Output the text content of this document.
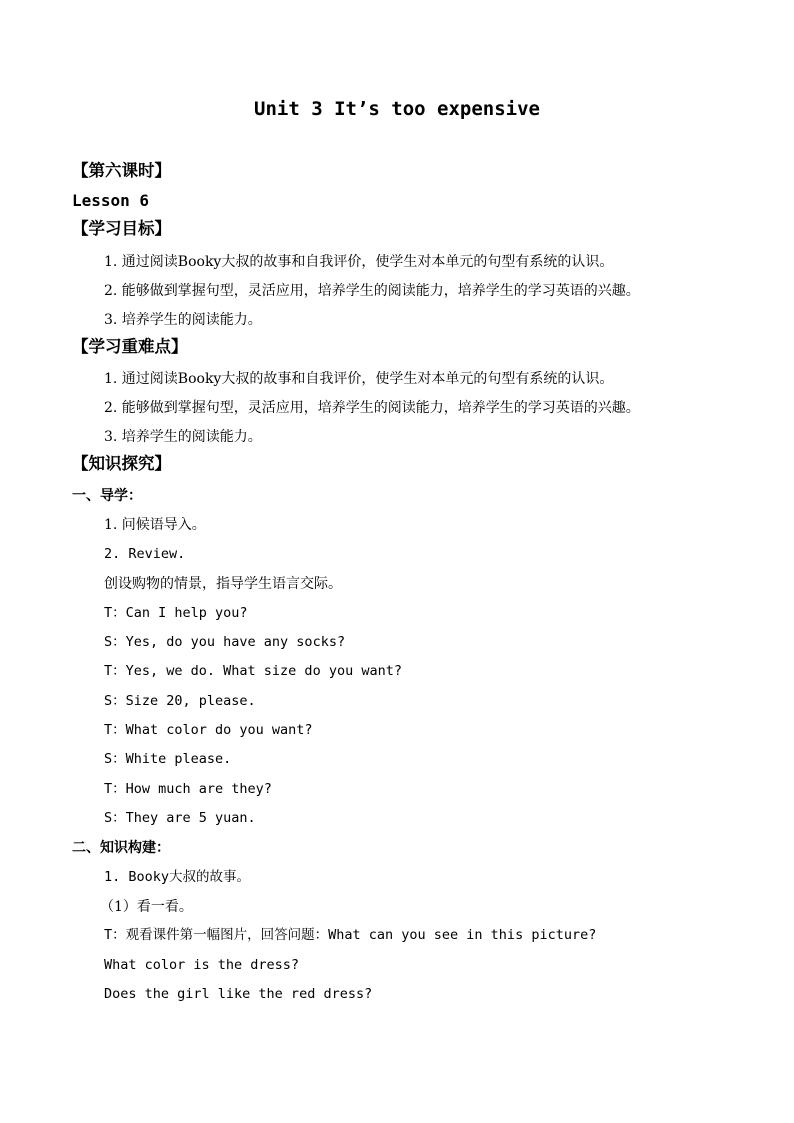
Unit 3 It’s too expensive
【第六课时】
Lesson 6
【学习目标】
1. 通过阅读Booky大叔的故事和自我评价，使学生对本单元的句型有系统的认识。
2. 能够做到掌握句型，灵活应用，培养学生的阅读能力，培养学生的学习英语的兴趣。
3. 培养学生的阅读能力。
【学习重难点】
1. 通过阅读Booky大叔的故事和自我评价，使学生对本单元的句型有系统的认识。
2. 能够做到掌握句型，灵活应用，培养学生的阅读能力，培养学生的学习英语的兴趣。
3. 培养学生的阅读能力。
【知识探究】
一、导学：
1. 问候语导入。
2. Review.
创设购物的情景，指导学生语言交际。
T：Can I help you?
S：Yes, do you have any socks?
T：Yes, we do. What size do you want?
S：Size 20, please.
T：What color do you want?
S：White please.
T：How much are they?
S：They are 5 yuan.
二、知识构建：
1. Booky大叔的故事。
（1）看一看。
T：观看课件第一幅图片，回答问题：What can you see in this picture?
What color is the dress?
Does the girl like the red dress?
